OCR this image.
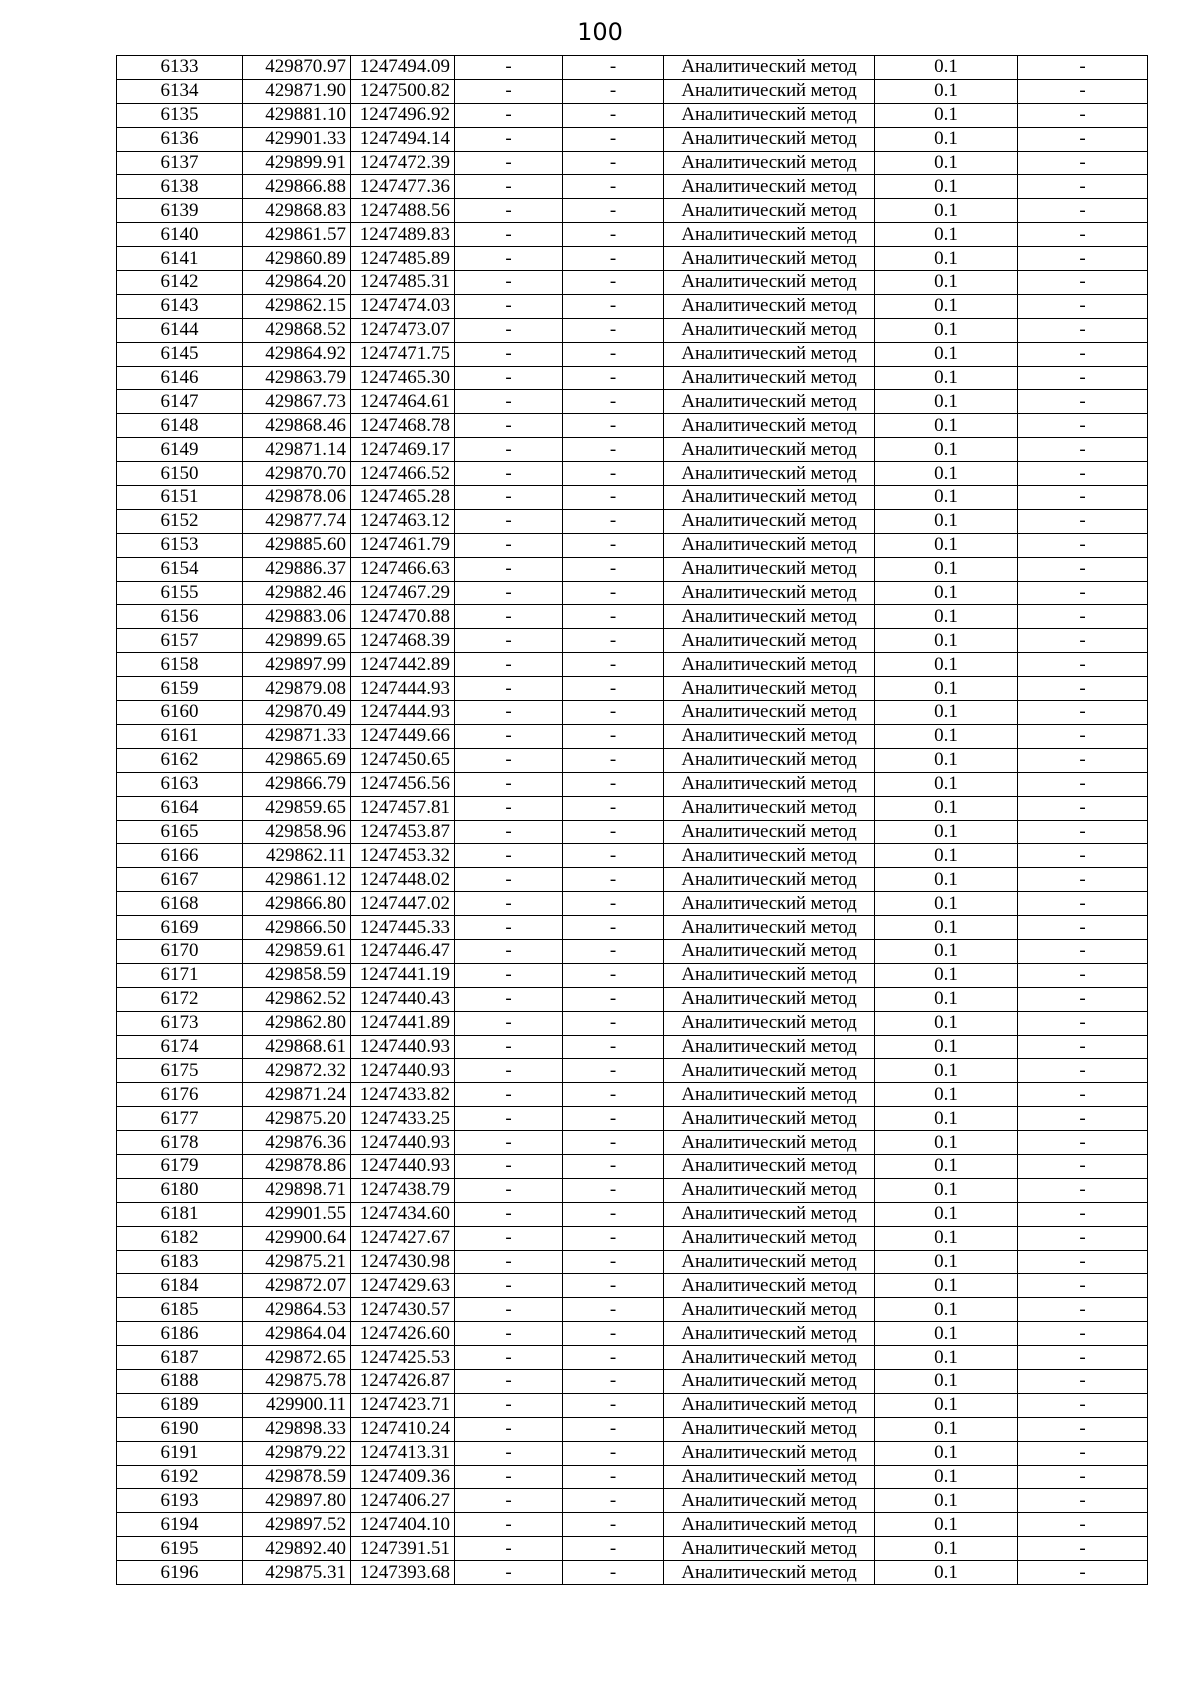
100
6133	429870.97	1247494.09	-	-	Аналитический метод	0.1	-
6134	429871.90	1247500.82	-	-	Аналитический метод	0.1	-
6135	429881.10	1247496.92	-	-	Аналитический метод	0.1	-
6136	429901.33	1247494.14	-	-	Аналитический метод	0.1	-
6137	429899.91	1247472.39	-	-	Аналитический метод	0.1	-
6138	429866.88	1247477.36	-	-	Аналитический метод	0.1	-
6139	429868.83	1247488.56	-	-	Аналитический метод	0.1	-
6140	429861.57	1247489.83	-	-	Аналитический метод	0.1	-
6141	429860.89	1247485.89	-	-	Аналитический метод	0.1	-
6142	429864.20	1247485.31	-	-	Аналитический метод	0.1	-
6143	429862.15	1247474.03	-	-	Аналитический метод	0.1	-
6144	429868.52	1247473.07	-	-	Аналитический метод	0.1	-
6145	429864.92	1247471.75	-	-	Аналитический метод	0.1	-
6146	429863.79	1247465.30	-	-	Аналитический метод	0.1	-
6147	429867.73	1247464.61	-	-	Аналитический метод	0.1	-
6148	429868.46	1247468.78	-	-	Аналитический метод	0.1	-
6149	429871.14	1247469.17	-	-	Аналитический метод	0.1	-
6150	429870.70	1247466.52	-	-	Аналитический метод	0.1	-
6151	429878.06	1247465.28	-	-	Аналитический метод	0.1	-
6152	429877.74	1247463.12	-	-	Аналитический метод	0.1	-
6153	429885.60	1247461.79	-	-	Аналитический метод	0.1	-
6154	429886.37	1247466.63	-	-	Аналитический метод	0.1	-
6155	429882.46	1247467.29	-	-	Аналитический метод	0.1	-
6156	429883.06	1247470.88	-	-	Аналитический метод	0.1	-
6157	429899.65	1247468.39	-	-	Аналитический метод	0.1	-
6158	429897.99	1247442.89	-	-	Аналитический метод	0.1	-
6159	429879.08	1247444.93	-	-	Аналитический метод	0.1	-
6160	429870.49	1247444.93	-	-	Аналитический метод	0.1	-
6161	429871.33	1247449.66	-	-	Аналитический метод	0.1	-
6162	429865.69	1247450.65	-	-	Аналитический метод	0.1	-
6163	429866.79	1247456.56	-	-	Аналитический метод	0.1	-
6164	429859.65	1247457.81	-	-	Аналитический метод	0.1	-
6165	429858.96	1247453.87	-	-	Аналитический метод	0.1	-
6166	429862.11	1247453.32	-	-	Аналитический метод	0.1	-
6167	429861.12	1247448.02	-	-	Аналитический метод	0.1	-
6168	429866.80	1247447.02	-	-	Аналитический метод	0.1	-
6169	429866.50	1247445.33	-	-	Аналитический метод	0.1	-
6170	429859.61	1247446.47	-	-	Аналитический метод	0.1	-
6171	429858.59	1247441.19	-	-	Аналитический метод	0.1	-
6172	429862.52	1247440.43	-	-	Аналитический метод	0.1	-
6173	429862.80	1247441.89	-	-	Аналитический метод	0.1	-
6174	429868.61	1247440.93	-	-	Аналитический метод	0.1	-
6175	429872.32	1247440.93	-	-	Аналитический метод	0.1	-
6176	429871.24	1247433.82	-	-	Аналитический метод	0.1	-
6177	429875.20	1247433.25	-	-	Аналитический метод	0.1	-
6178	429876.36	1247440.93	-	-	Аналитический метод	0.1	-
6179	429878.86	1247440.93	-	-	Аналитический метод	0.1	-
6180	429898.71	1247438.79	-	-	Аналитический метод	0.1	-
6181	429901.55	1247434.60	-	-	Аналитический метод	0.1	-
6182	429900.64	1247427.67	-	-	Аналитический метод	0.1	-
6183	429875.21	1247430.98	-	-	Аналитический метод	0.1	-
6184	429872.07	1247429.63	-	-	Аналитический метод	0.1	-
6185	429864.53	1247430.57	-	-	Аналитический метод	0.1	-
6186	429864.04	1247426.60	-	-	Аналитический метод	0.1	-
6187	429872.65	1247425.53	-	-	Аналитический метод	0.1	-
6188	429875.78	1247426.87	-	-	Аналитический метод	0.1	-
6189	429900.11	1247423.71	-	-	Аналитический метод	0.1	-
6190	429898.33	1247410.24	-	-	Аналитический метод	0.1	-
6191	429879.22	1247413.31	-	-	Аналитический метод	0.1	-
6192	429878.59	1247409.36	-	-	Аналитический метод	0.1	-
6193	429897.80	1247406.27	-	-	Аналитический метод	0.1	-
6194	429897.52	1247404.10	-	-	Аналитический метод	0.1	-
6195	429892.40	1247391.51	-	-	Аналитический метод	0.1	-
6196	429875.31	1247393.68	-	-	Аналитический метод	0.1	-
